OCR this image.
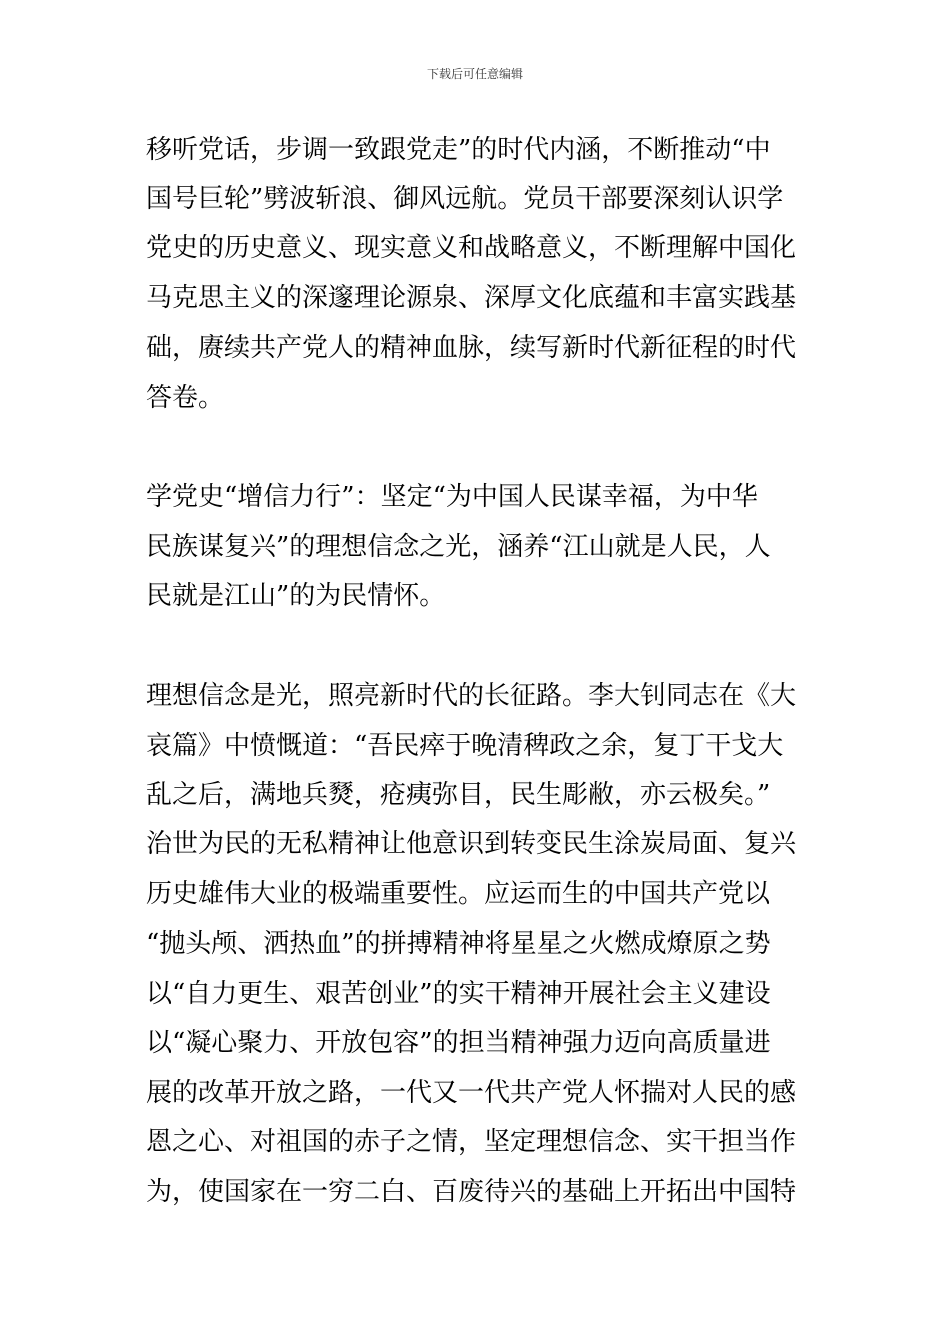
下载后可任意编辑
移听党话，步调一致跟党走”的时代内涵，不断推动“中
国号巨轮”劈波斩浪、御风远航。党员干部要深刻认识学
党史的历史意义、现实意义和战略意义，不断理解中国化
马克思主义的深邃理论源泉、深厚文化底蕴和丰富实践基
础，赓续共产党人的精神血脉，续写新时代新征程的时代
答卷。
学党史“增信力行”：坚定“为中国人民谋幸福，为中华
民族谋复兴”的理想信念之光，涵养“江山就是人民，人
民就是江山”的为民情怀。
理想信念是光，照亮新时代的长征路。李大钊同志在《大
哀篇》中愤慨道：“吾民瘁于晚清稗政之余，复丁干戈大
乱之后，满地兵燹，疮痍弥目，民生彫敝，亦云极矣。”
治世为民的无私精神让他意识到转变民生涂炭局面、复兴
历史雄伟大业的极端重要性。应运而生的中国共产党以
“抛头颅、洒热血”的拼搏精神将星星之火燃成燎原之势
以“自力更生、艰苦创业”的实干精神开展社会主义建设
以“凝心聚力、开放包容”的担当精神强力迈向高质量进
展的改革开放之路，一代又一代共产党人怀揣对人民的感
恩之心、对祖国的赤子之情，坚定理想信念、实干担当作
为，使国家在一穷二白、百废待兴的基础上开拓出中国特
